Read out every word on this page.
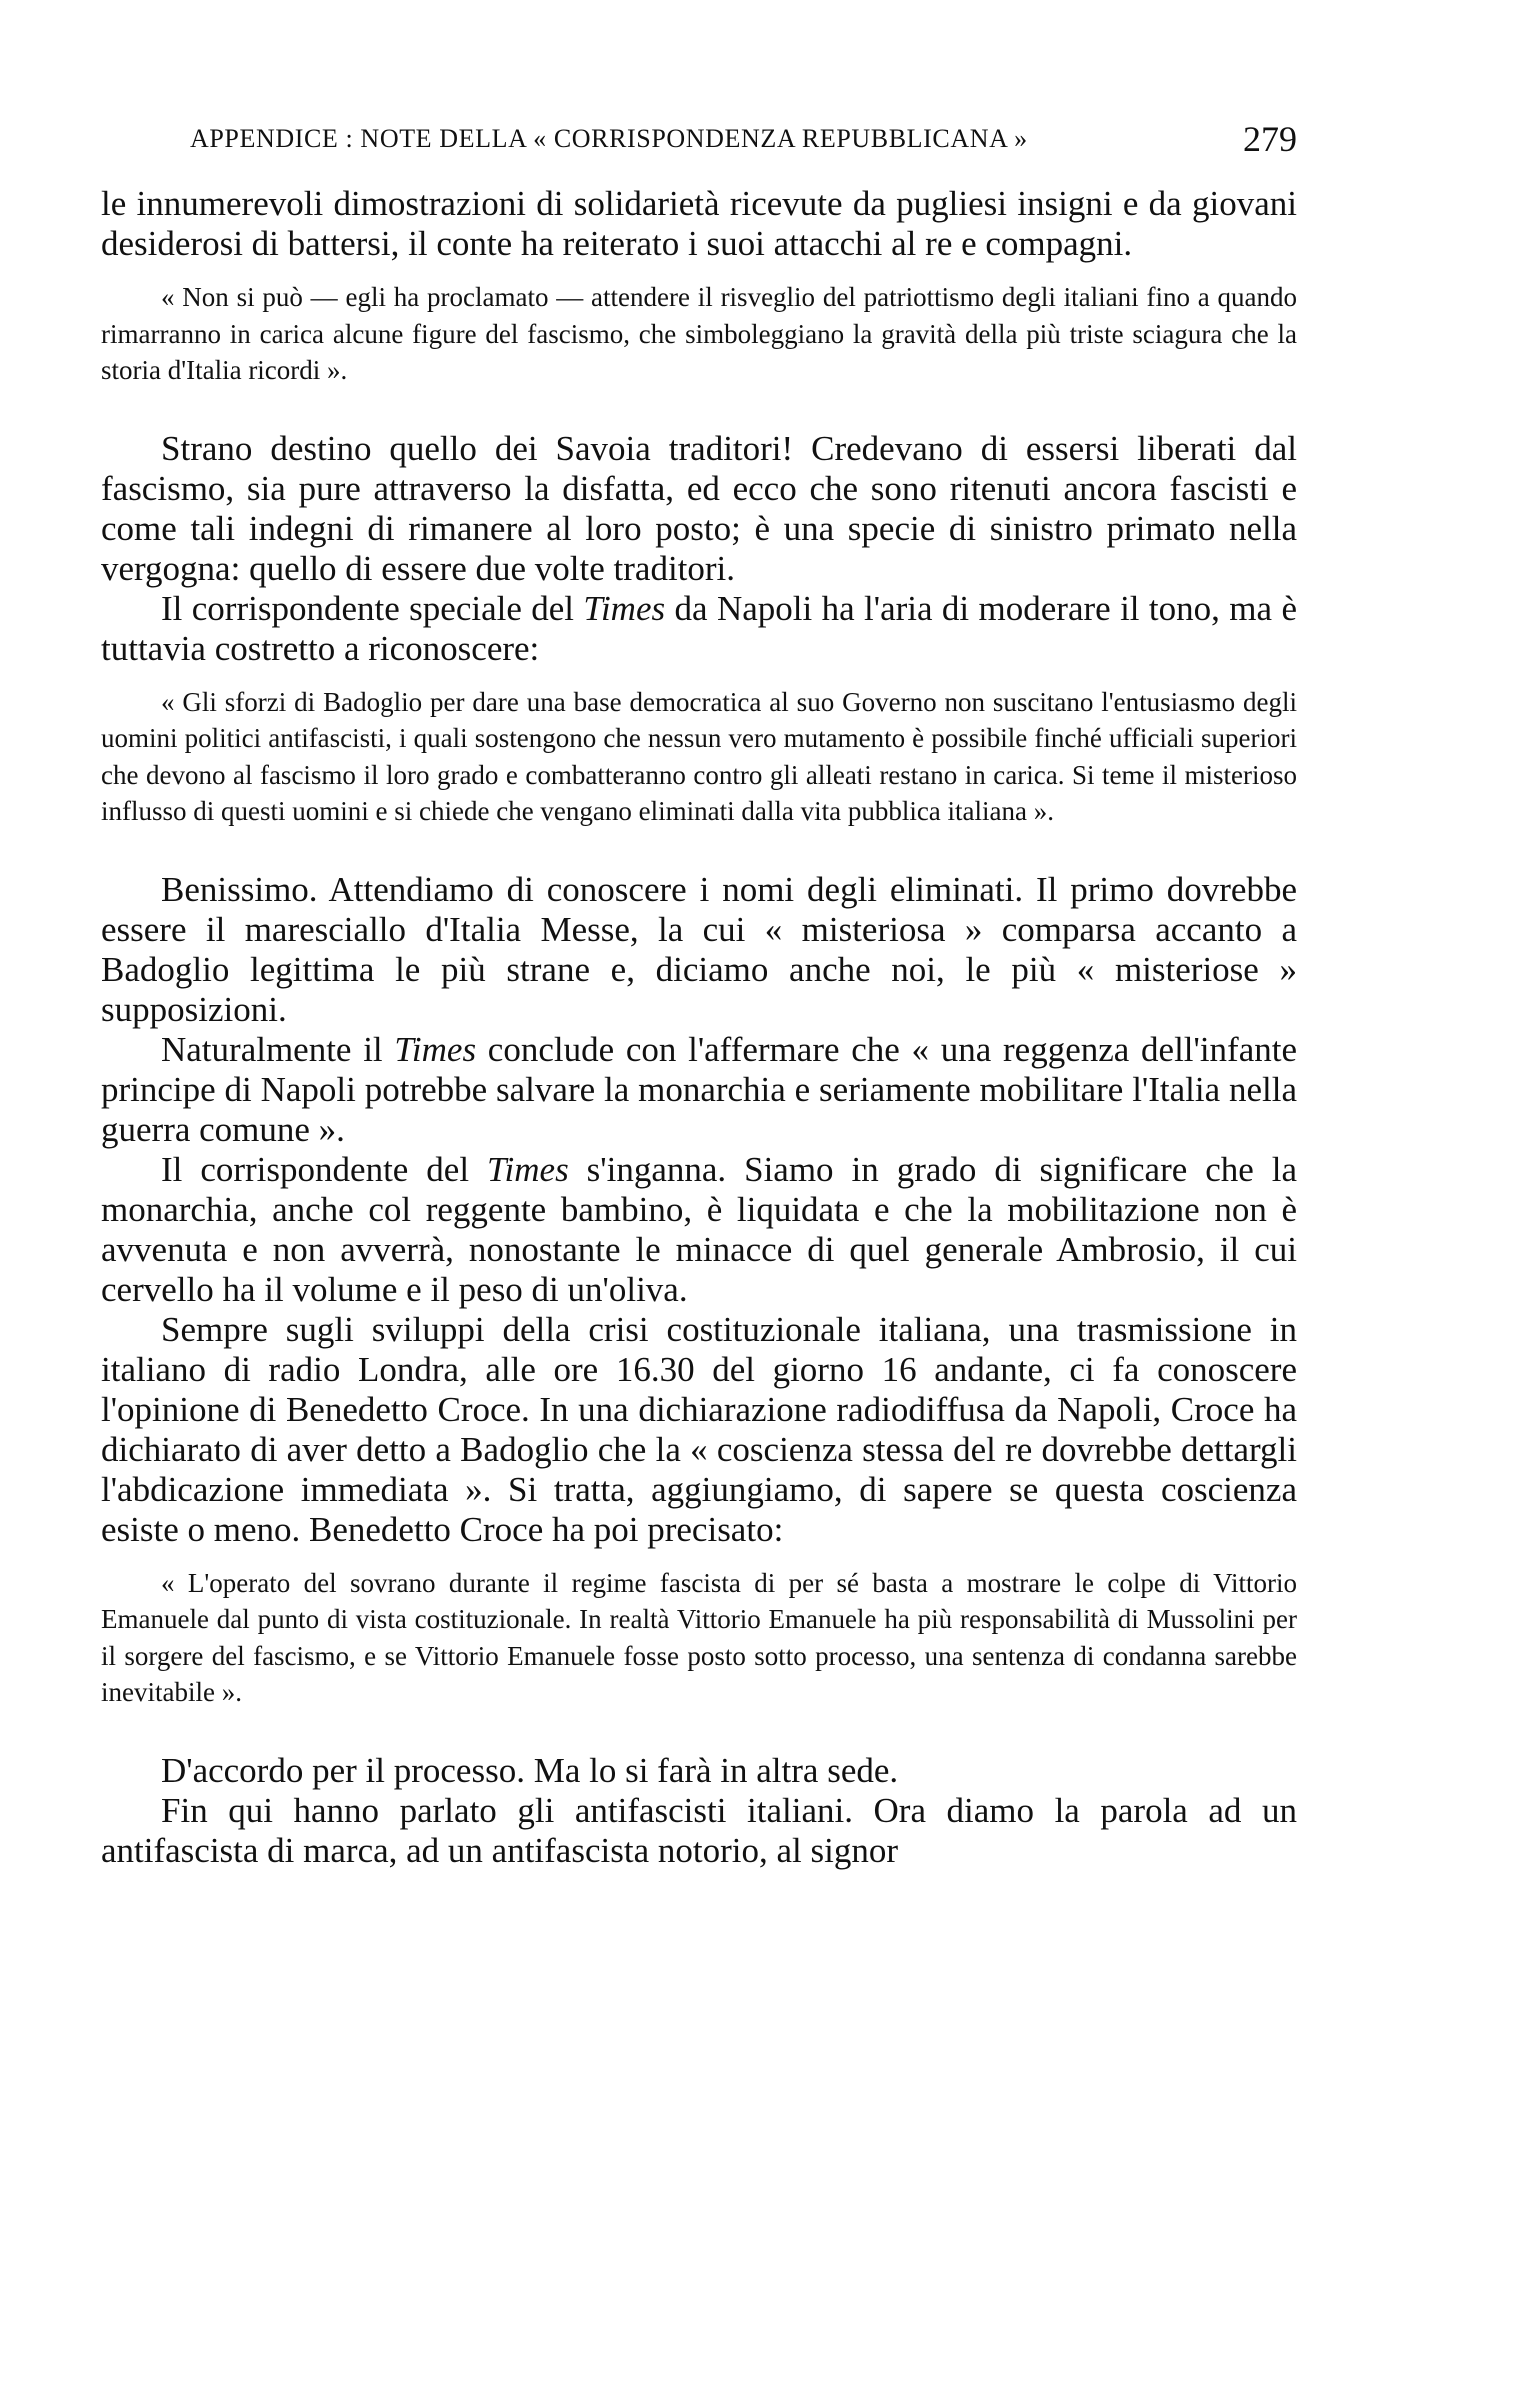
APPENDICE : NOTE DELLA « CORRISPONDENZA REPUBBLICANA »	279

le innumerevoli dimostrazioni di solidarietà ricevute da pugliesi insigni e da giovani desiderosi di battersi, il conte ha reiterato i suoi attacchi al re e compagni.

« Non si può — egli ha proclamato — attendere il risveglio del patriottismo degli italiani fino a quando rimarranno in carica alcune figure del fascismo, che simboleggiano la gravità della più triste sciagura che la storia d'Italia ricordi ».

Strano destino quello dei Savoia traditori! Credevano di essersi liberati dal fascismo, sia pure attraverso la disfatta, ed ecco che sono ritenuti ancora fascisti e come tali indegni di rimanere al loro posto; è una specie di sinistro primato nella vergogna: quello di essere due volte traditori.

Il corrispondente speciale del Times da Napoli ha l'aria di moderare il tono, ma è tuttavia costretto a riconoscere:

« Gli sforzi di Badoglio per dare una base democratica al suo Governo non suscitano l'entusiasmo degli uomini politici antifascisti, i quali sostengono che nessun vero mutamento è possibile finché ufficiali superiori che devono al fascismo il loro grado e combatteranno contro gli alleati restano in carica. Si teme il misterioso influsso di questi uomini e si chiede che vengano eliminati dalla vita pubblica italiana ».

Benissimo. Attendiamo di conoscere i nomi degli eliminati. Il primo dovrebbe essere il maresciallo d'Italia Messe, la cui « misteriosa » comparsa accanto a Badoglio legittima le più strane e, diciamo anche noi, le più « misteriose » supposizioni.

Naturalmente il Times conclude con l'affermare che « una reggenza dell'infante principe di Napoli potrebbe salvare la monarchia e seriamente mobilitare l'Italia nella guerra comune ».

Il corrispondente del Times s'inganna. Siamo in grado di significare che la monarchia, anche col reggente bambino, è liquidata e che la mobilitazione non è avvenuta e non avverrà, nonostante le minacce di quel generale Ambrosio, il cui cervello ha il volume e il peso di un'oliva.

Sempre sugli sviluppi della crisi costituzionale italiana, una trasmissione in italiano di radio Londra, alle ore 16.30 del giorno 16 andante, ci fa conoscere l'opinione di Benedetto Croce. In una dichiarazione radiodiffusa da Napoli, Croce ha dichiarato di aver detto a Badoglio che la « coscienza stessa del re dovrebbe dettargli l'abdicazione immediata ». Si tratta, aggiungiamo, di sapere se questa coscienza esiste o meno. Benedetto Croce ha poi precisato:

« L'operato del sovrano durante il regime fascista di per sé basta a mostrare le colpe di Vittorio Emanuele dal punto di vista costituzionale. In realtà Vittorio Emanuele ha più responsabilità di Mussolini per il sorgere del fascismo, e se Vittorio Emanuele fosse posto sotto processo, una sentenza di condanna sarebbe inevitabile ».

D'accordo per il processo. Ma lo si farà in altra sede.

Fin qui hanno parlato gli antifascisti italiani. Ora diamo la parola ad un antifascista di marca, ad un antifascista notorio, al signor
